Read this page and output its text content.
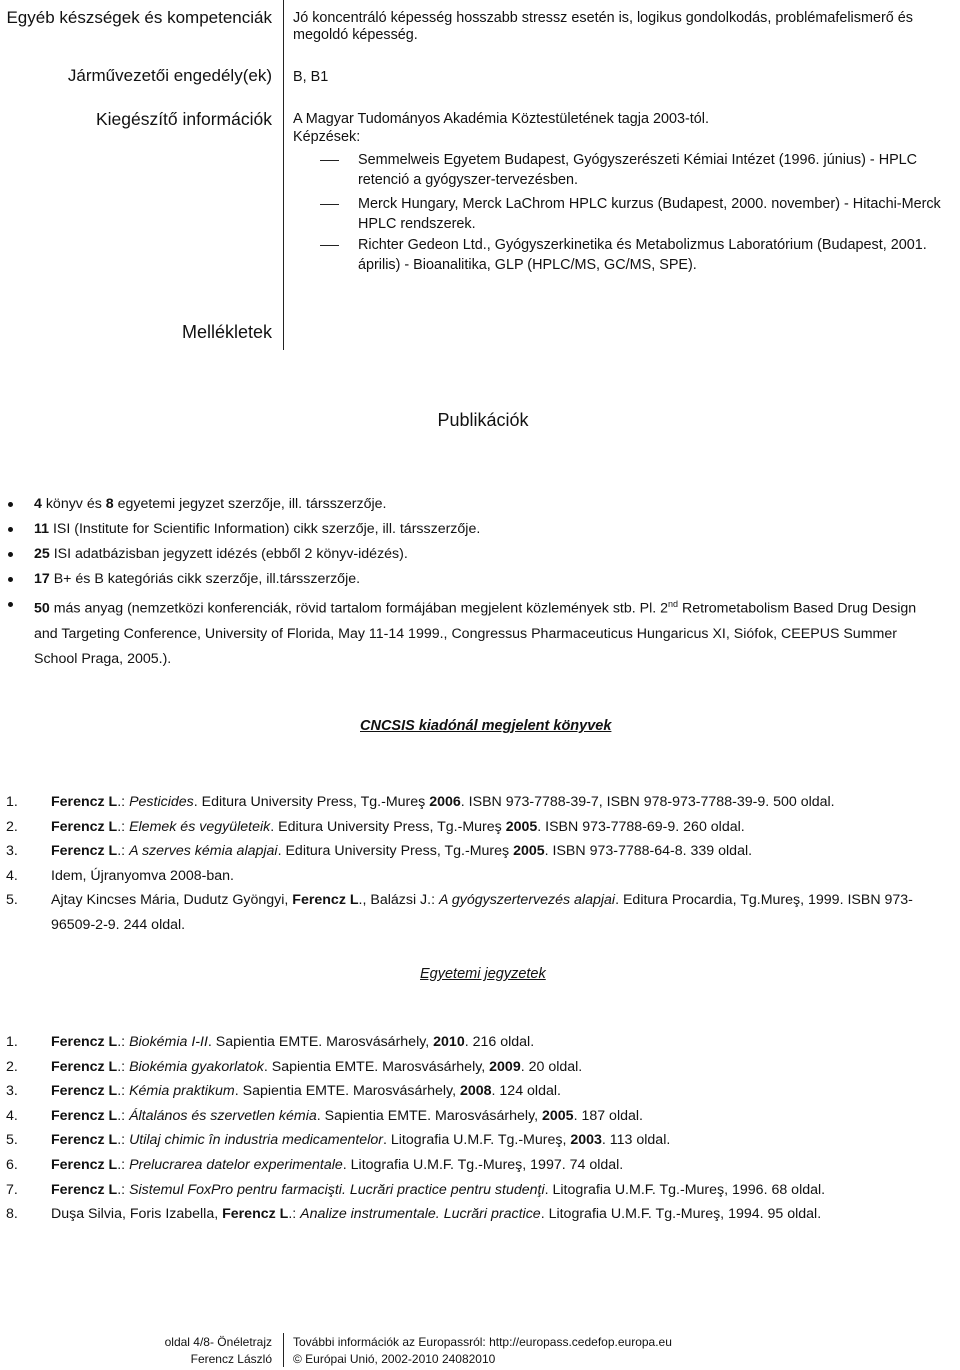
Egyéb készségek és kompetenciák Jó koncentráló képesség hosszabb stressz esetén is, logikus gondolkodás, problémafelismerő és
megoldó képesség.
Járművezetői engedély(ek) B, B1
Kiegészítő információk A Magyar Tudományos Akadémia Köztestületének tagja 2003-tól.
Képzések:
Semmelweis Egyetem Budapest, Gyógyszerészeti Kémiai Intézet (1996. június) - HPLC
retenció a gyógyszer-tervezésben.
Merck Hungary, Merck LaChrom HPLC kurzus (Budapest, 2000. november) - Hitachi-Merck
HPLC rendszerek.
Richter Gedeon Ltd., Gyógyszerkinetika és Metabolizmus Laboratórium (Budapest, 2001.
április) - Bioanalitika, GLP (HPLC/MS, GC/MS, SPE).
Mellékletek
Publikációk
4 könyv és 8 egyetemi jegyzet szerzője, ill. társszerzője.
11 ISI (Institute for Scientific Information) cikk szerzője, ill. társszerzője.
25 ISI adatbázisban jegyzett idézés (ebből 2 könyv-idézés).
17 B+ és B kategóriás cikk szerzője, ill.társszerzője.
50 más anyag (nemzetközi konferenciák, rövid tartalom formájában megjelent közlemények stb. Pl. 2nd Retrometabolism Based Drug Design
and Targeting Conference, University of Florida, May 11-14 1999., Congressus Pharmaceuticus Hungaricus XI, Siófok, CEEPUS Summer
School Praga, 2005.).
CNCSIS kiadónál megjelent könyvek
1. Ferencz L.: Pesticides. Editura University Press, Tg.-Mureş 2006. ISBN 973-7788-39-7, ISBN 978-973-7788-39-9. 500 oldal.
2. Ferencz L.: Elemek és vegyületeik. Editura University Press, Tg.-Mureş 2005. ISBN 973-7788-69-9. 260 oldal.
3. Ferencz L.: A szerves kémia alapjai. Editura University Press, Tg.-Mureş 2005. ISBN 973-7788-64-8. 339 oldal.
4. Idem, Újranyomva 2008-ban.
5. Ajtay Kincses Mária, Dudutz Gyöngyi, Ferencz L., Balázsi J.: A gyógyszertervezés alapjai. Editura Procardia, Tg.Mureş, 1999. ISBN 973-
96509-2-9. 244 oldal.
Egyetemi jegyzetek
1. Ferencz L.: Biokémia I-II. Sapientia EMTE. Marosvásárhely, 2010. 216 oldal.
2. Ferencz L.: Biokémia gyakorlatok. Sapientia EMTE. Marosvásárhely, 2009. 20 oldal.
3. Ferencz L.: Kémia praktikum. Sapientia EMTE. Marosvásárhely, 2008. 124 oldal.
4. Ferencz L.: Általános és szervetlen kémia. Sapientia EMTE. Marosvásárhely, 2005. 187 oldal.
5. Ferencz L.: Utilaj chimic în industria medicamentelor. Litografia U.M.F. Tg.-Mureş, 2003. 113 oldal.
6. Ferencz L.: Prelucrarea datelor experimentale. Litografia U.M.F. Tg.-Mureş, 1997. 74 oldal.
7. Ferencz L.: Sistemul FoxPro pentru farmacişti. Lucrări practice pentru studenţi. Litografia U.M.F. Tg.-Mureş, 1996. 68 oldal.
8. Duşa Silvia, Foris Izabella, Ferencz L.: Analize instrumentale. Lucrări practice. Litografia U.M.F. Tg.-Mureş, 1994. 95 oldal.
oldal 4/8- Önéletrajz
Ferencz László
További információk az Europassról: http://europass.cedefop.europa.eu
© Európai Unió, 2002-2010 24082010
